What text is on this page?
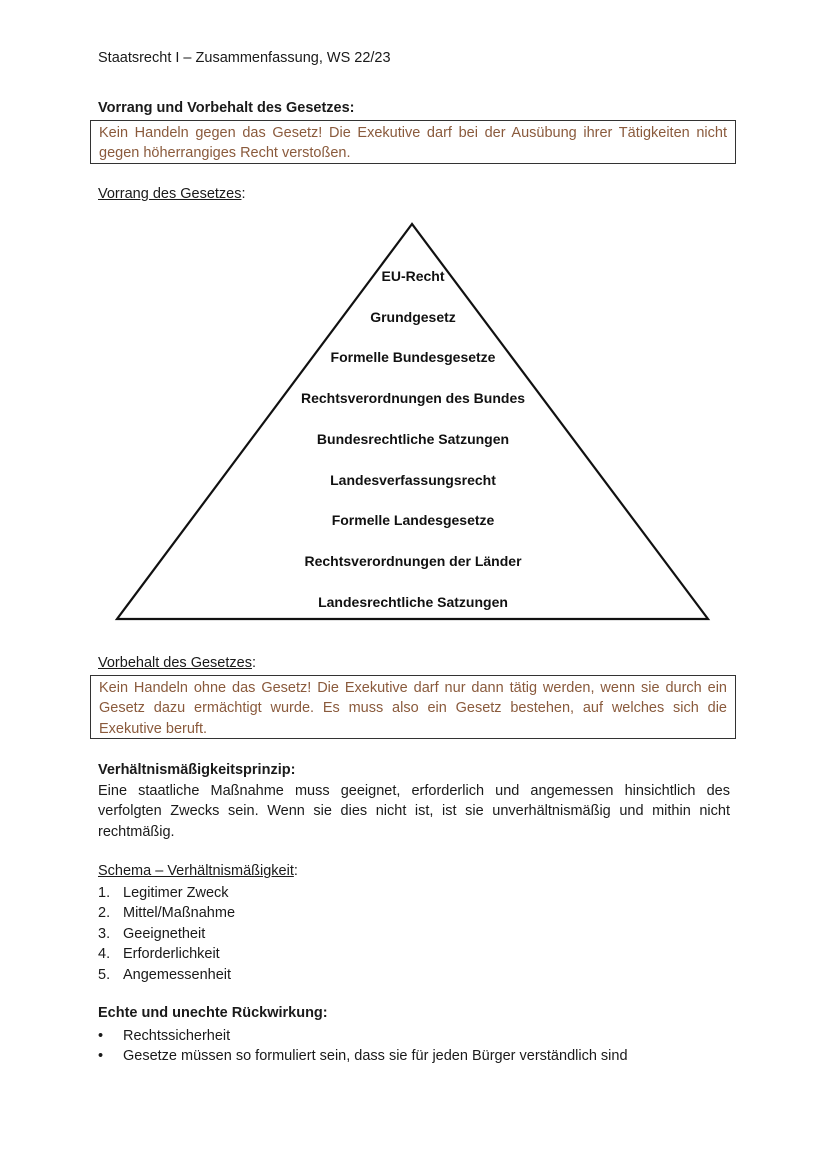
Staatsrecht I – Zusammenfassung, WS 22/23
Vorrang und Vorbehalt des Gesetzes:
Kein Handeln gegen das Gesetz! Die Exekutive darf bei der Ausübung ihrer Tätigkeiten nicht gegen höherrangiges Recht verstoßen.
Vorrang des Gesetzes:
EU-Recht
Grundgesetz
Formelle Bundesgesetze
Rechtsverordnungen des Bundes
Bundesrechtliche Satzungen
Landesverfassungsrecht
Formelle Landesgesetze
Rechtsverordnungen der Länder
Landesrechtliche Satzungen
Vorbehalt des Gesetzes:
Kein Handeln ohne das Gesetz! Die Exekutive darf nur dann tätig werden, wenn sie durch ein Gesetz dazu ermächtigt wurde. Es muss also ein Gesetz bestehen, auf welches sich die Exekutive beruft.
Verhältnismäßigkeitsprinzip:
Eine staatliche Maßnahme muss geeignet, erforderlich und angemessen hinsichtlich des verfolgten Zwecks sein. Wenn sie dies nicht ist, ist sie unverhältnismäßig und mithin nicht rechtmäßig.
Schema – Verhältnismäßigkeit:
1. Legitimer Zweck
2. Mittel/Maßnahme
3. Geeignetheit
4. Erforderlichkeit
5. Angemessenheit
Echte und unechte Rückwirkung:
•	Rechtssicherheit
•	Gesetze müssen so formuliert sein, dass sie für jeden Bürger verständlich sind
